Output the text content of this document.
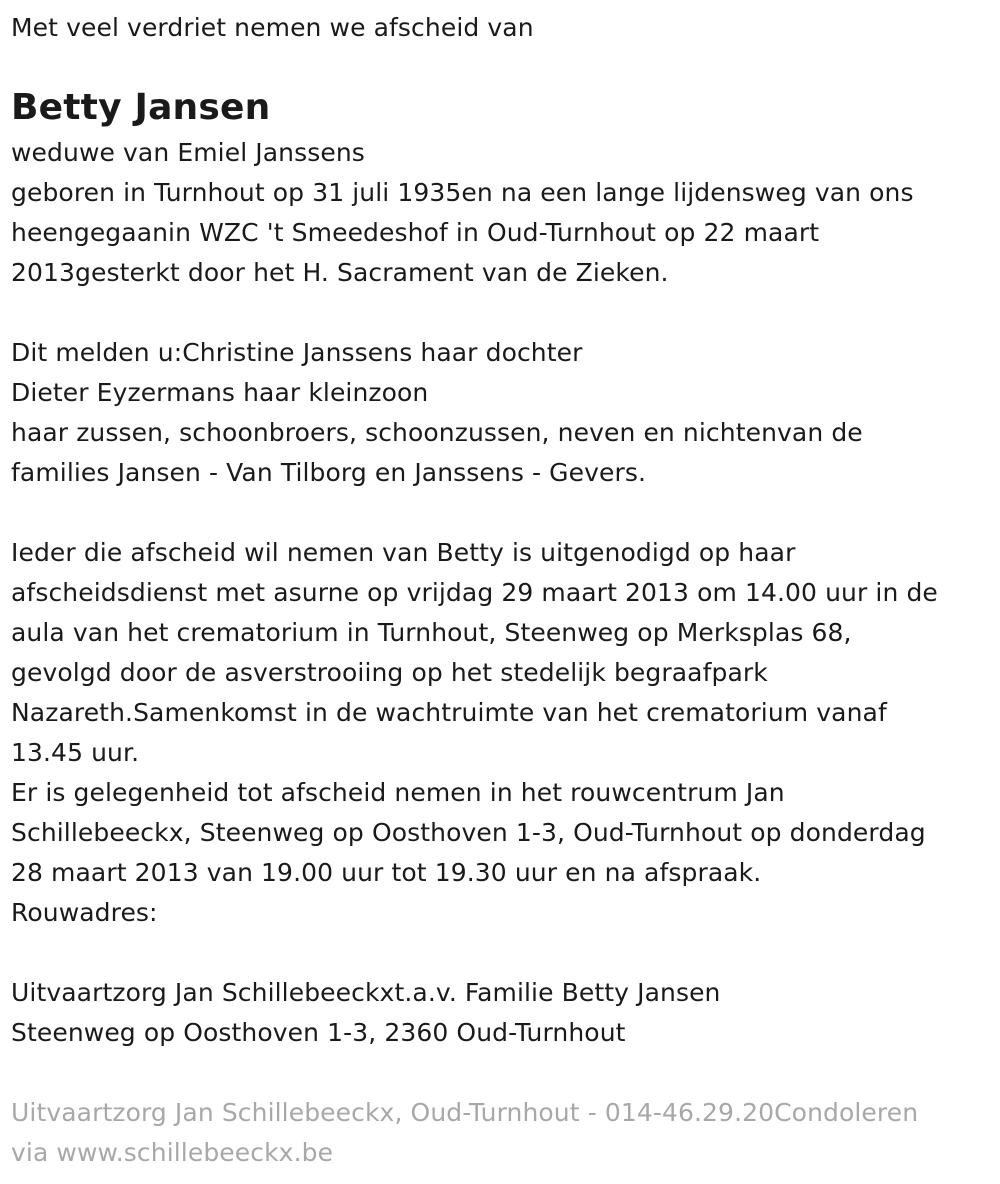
Met veel verdriet nemen we afscheid van
Betty Jansen
weduwe van Emiel Janssens
geboren in Turnhout op 31 juli 1935en na een lange lijdensweg van ons
heengegaanin WZC 't Smeedeshof in Oud-Turnhout op 22 maart
2013gesterkt door het H. Sacrament van de Zieken.
Dit melden u:Christine Janssens haar dochter
Dieter Eyzermans haar kleinzoon
haar zussen, schoonbroers, schoonzussen, neven en nichtenvan de
families Jansen - Van Tilborg en Janssens - Gevers.
Ieder die afscheid wil nemen van Betty is uitgenodigd op haar
afscheidsdienst met asurne op vrijdag 29 maart 2013 om 14.00 uur in de
aula van het crematorium in Turnhout, Steenweg op Merksplas 68,
gevolgd door de asverstrooiing op het stedelijk begraafpark
Nazareth.Samenkomst in de wachtruimte van het crematorium vanaf
13.45 uur.
Er is gelegenheid tot afscheid nemen in het rouwcentrum Jan
Schillebeeckx, Steenweg op Oosthoven 1-3, Oud-Turnhout op donderdag
28 maart 2013 van 19.00 uur tot 19.30 uur en na afspraak.
Rouwadres:
Uitvaartzorg Jan Schillebeeckxt.a.v. Familie Betty Jansen
Steenweg op Oosthoven 1-3, 2360 Oud-Turnhout
Uitvaartzorg Jan Schillebeeckx, Oud-Turnhout - 014-46.29.20Condoleren
via www.schillebeeckx.be
